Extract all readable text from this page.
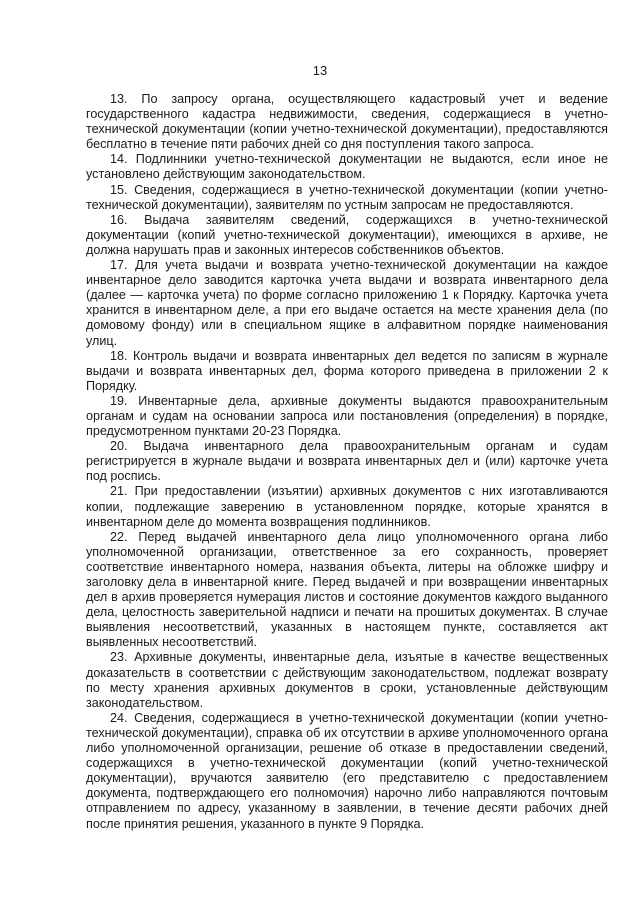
13

13. По запросу органа, осуществляющего кадастровый учет и ведение государственного кадастра недвижимости, сведения, содержащиеся в учетно-технической документации (копии учетно-технической документации), предоставляются бесплатно в течение пяти рабочих дней со дня поступления такого запроса.

14. Подлинники учетно-технической документации не выдаются, если иное не установлено действующим законодательством.

15. Сведения, содержащиеся в учетно-технической документации (копии учетно-технической документации), заявителям по устным запросам не предоставляются.

16. Выдача заявителям сведений, содержащихся в учетно-технической документации (копий учетно-технической документации), имеющихся в архиве, не должна нарушать прав и законных интересов собственников объектов.

17. Для учета выдачи и возврата учетно-технической документации на каждое инвентарное дело заводится карточка учета выдачи и возврата инвентарного дела (далее — карточка учета) по форме согласно приложению 1 к Порядку. Карточка учета хранится в инвентарном деле, а при его выдаче остается на месте хранения дела (по домовому фонду) или в специальном ящике в алфавитном порядке наименования улиц.

18. Контроль выдачи и возврата инвентарных дел ведется по записям в журнале выдачи и возврата инвентарных дел, форма которого приведена в приложении 2 к Порядку.

19. Инвентарные дела, архивные документы выдаются правоохранительным органам и судам на основании запроса или постановления (определения) в порядке, предусмотренном пунктами 20-23 Порядка.

20. Выдача инвентарного дела правоохранительным органам и судам регистрируется в журнале выдачи и возврата инвентарных дел и (или) карточке учета под роспись.

21. При предоставлении (изъятии) архивных документов с них изготавливаются копии, подлежащие заверению в установленном порядке, которые хранятся в инвентарном деле до момента возвращения подлинников.

22. Перед выдачей инвентарного дела лицо уполномоченного органа либо уполномоченной организации, ответственное за его сохранность, проверяет соответствие инвентарного номера, названия объекта, литеры на обложке шифру и заголовку дела в инвентарной книге. Перед выдачей и при возвращении инвентарных дел в архив проверяется нумерация листов и состояние документов каждого выданного дела, целостность заверительной надписи и печати на прошитых документах. В случае выявления несоответствий, указанных в настоящем пункте, составляется акт выявленных несоответствий.

23. Архивные документы, инвентарные дела, изъятые в качестве вещественных доказательств в соответствии с действующим законодательством, подлежат возврату по месту хранения архивных документов в сроки, установленные действующим законодательством.

24. Сведения, содержащиеся в учетно-технической документации (копии учетно-технической документации), справка об их отсутствии в архиве уполномоченного органа либо уполномоченной организации, решение об отказе в предоставлении сведений, содержащихся в учетно-технической документации (копий учетно-технической документации), вручаются заявителю (его представителю с предоставлением документа, подтверждающего его полномочия) нарочно либо направляются почтовым отправлением по адресу, указанному в заявлении, в течение десяти рабочих дней после принятия решения, указанного в пункте 9 Порядка.
